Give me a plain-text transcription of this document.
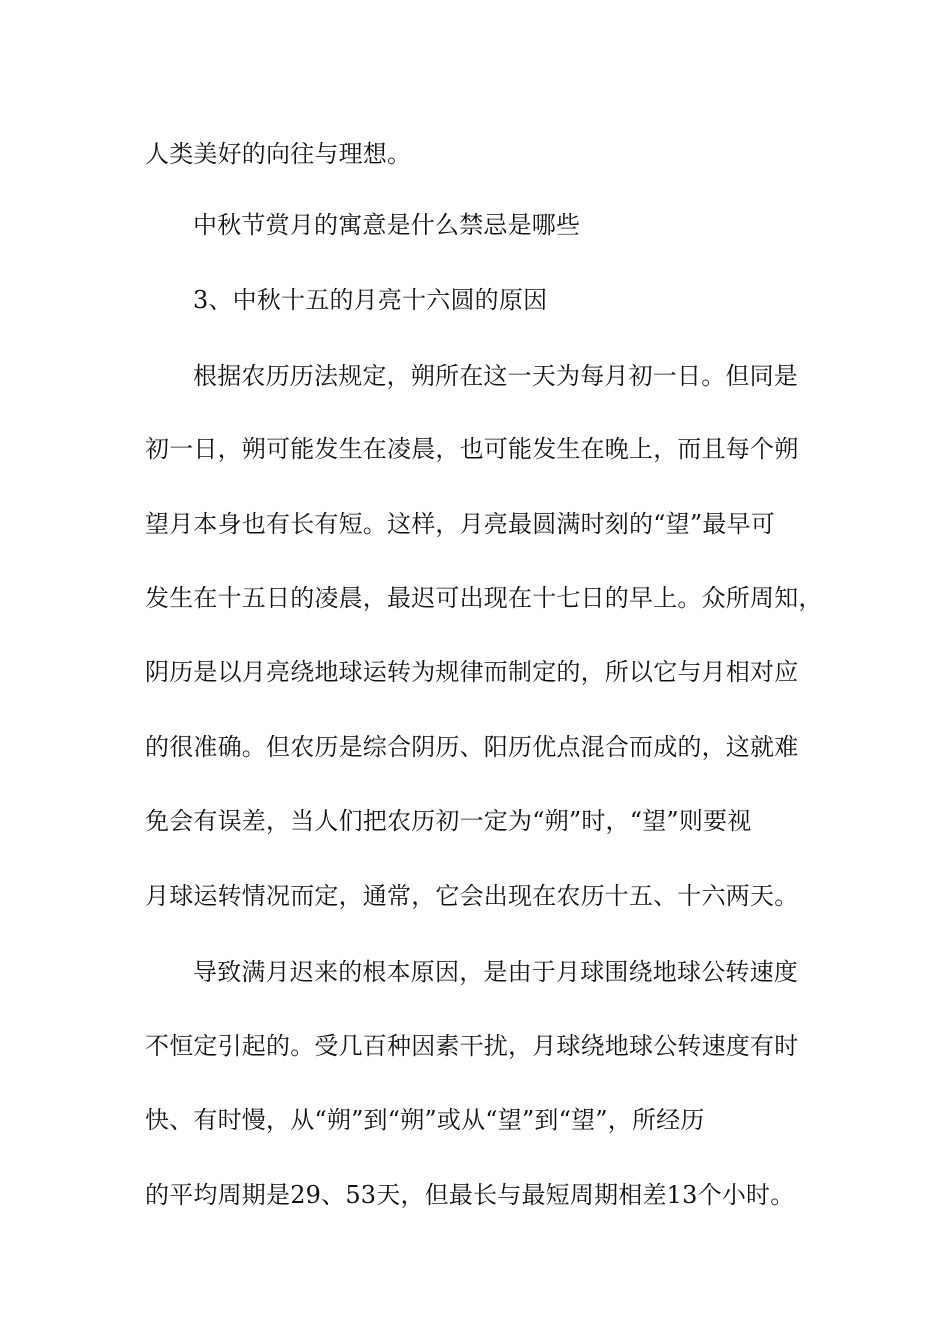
人类美好的向往与理想。
中秋节赏月的寓意是什么禁忌是哪些
3、中秋十五的月亮十六圆的原因
根据农历历法规定，朔所在这一天为每月初一日。但同是
初一日，朔可能发生在凌晨，也可能发生在晚上，而且每个朔
望月本身也有长有短。这样，月亮最圆满时刻的“望”最早可
发生在十五日的凌晨，最迟可出现在十七日的早上。众所周知，
阴历是以月亮绕地球运转为规律而制定的，所以它与月相对应
的很准确。但农历是综合阴历、阳历优点混合而成的，这就难
免会有误差，当人们把农历初一定为“朔”时，“望”则要视
月球运转情况而定，通常，它会出现在农历十五、十六两天。
导致满月迟来的根本原因，是由于月球围绕地球公转速度
不恒定引起的。受几百种因素干扰，月球绕地球公转速度有时
快、有时慢，从“朔”到“朔”或从“望”到“望”，所经历
的平均周期是29、53天，但最长与最短周期相差13个小时。
